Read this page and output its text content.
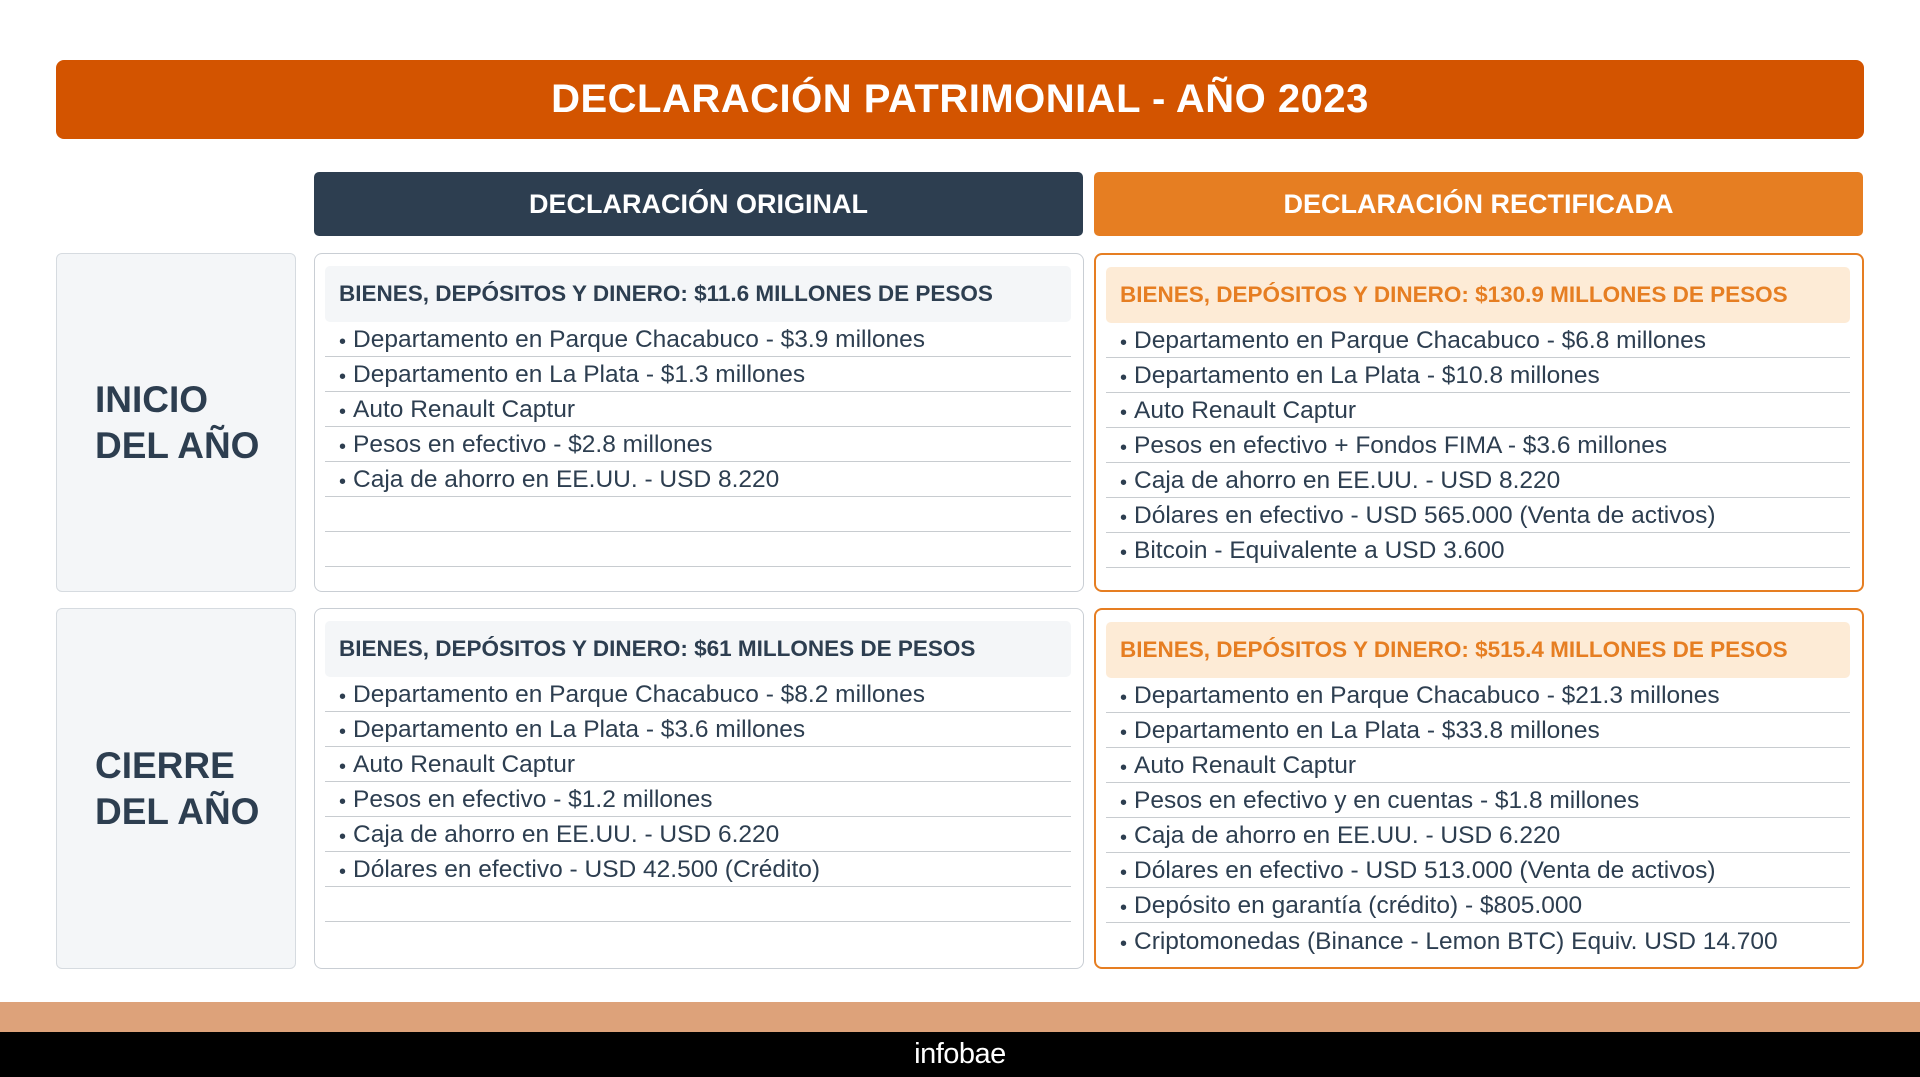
DECLARACIÓN PATRIMONIAL - AÑO 2023
DECLARACIÓN ORIGINAL	DECLARACIÓN RECTIFICADA
INICIO
DEL AÑO
BIENES, DEPÓSITOS Y DINERO: $11.6 MILLONES DE PESOS
• Departamento en Parque Chacabuco - $3.9 millones
• Departamento en La Plata - $1.3 millones
• Auto Renault Captur
• Pesos en efectivo - $2.8 millones
• Caja de ahorro en EE.UU. - USD 8.220
BIENES, DEPÓSITOS Y DINERO: $130.9 MILLONES DE PESOS
• Departamento en Parque Chacabuco - $6.8 millones
• Departamento en La Plata - $10.8 millones
• Auto Renault Captur
• Pesos en efectivo + Fondos FIMA - $3.6 millones
• Caja de ahorro en EE.UU. - USD 8.220
• Dólares en efectivo - USD 565.000 (Venta de activos)
• Bitcoin - Equivalente a USD 3.600
CIERRE
DEL AÑO
BIENES, DEPÓSITOS Y DINERO: $61 MILLONES DE PESOS
• Departamento en Parque Chacabuco - $8.2 millones
• Departamento en La Plata - $3.6 millones
• Auto Renault Captur
• Pesos en efectivo - $1.2 millones
• Caja de ahorro en EE.UU. - USD 6.220
• Dólares en efectivo - USD 42.500 (Crédito)
BIENES, DEPÓSITOS Y DINERO: $515.4 MILLONES DE PESOS
• Departamento en Parque Chacabuco - $21.3 millones
• Departamento en La Plata - $33.8 millones
• Auto Renault Captur
• Pesos en efectivo y en cuentas - $1.8 millones
• Caja de ahorro en EE.UU. - USD 6.220
• Dólares en efectivo - USD 513.000 (Venta de activos)
• Depósito en garantía (crédito) - $805.000
• Criptomonedas (Binance - Lemon BTC) Equiv. USD 14.700
infobae
